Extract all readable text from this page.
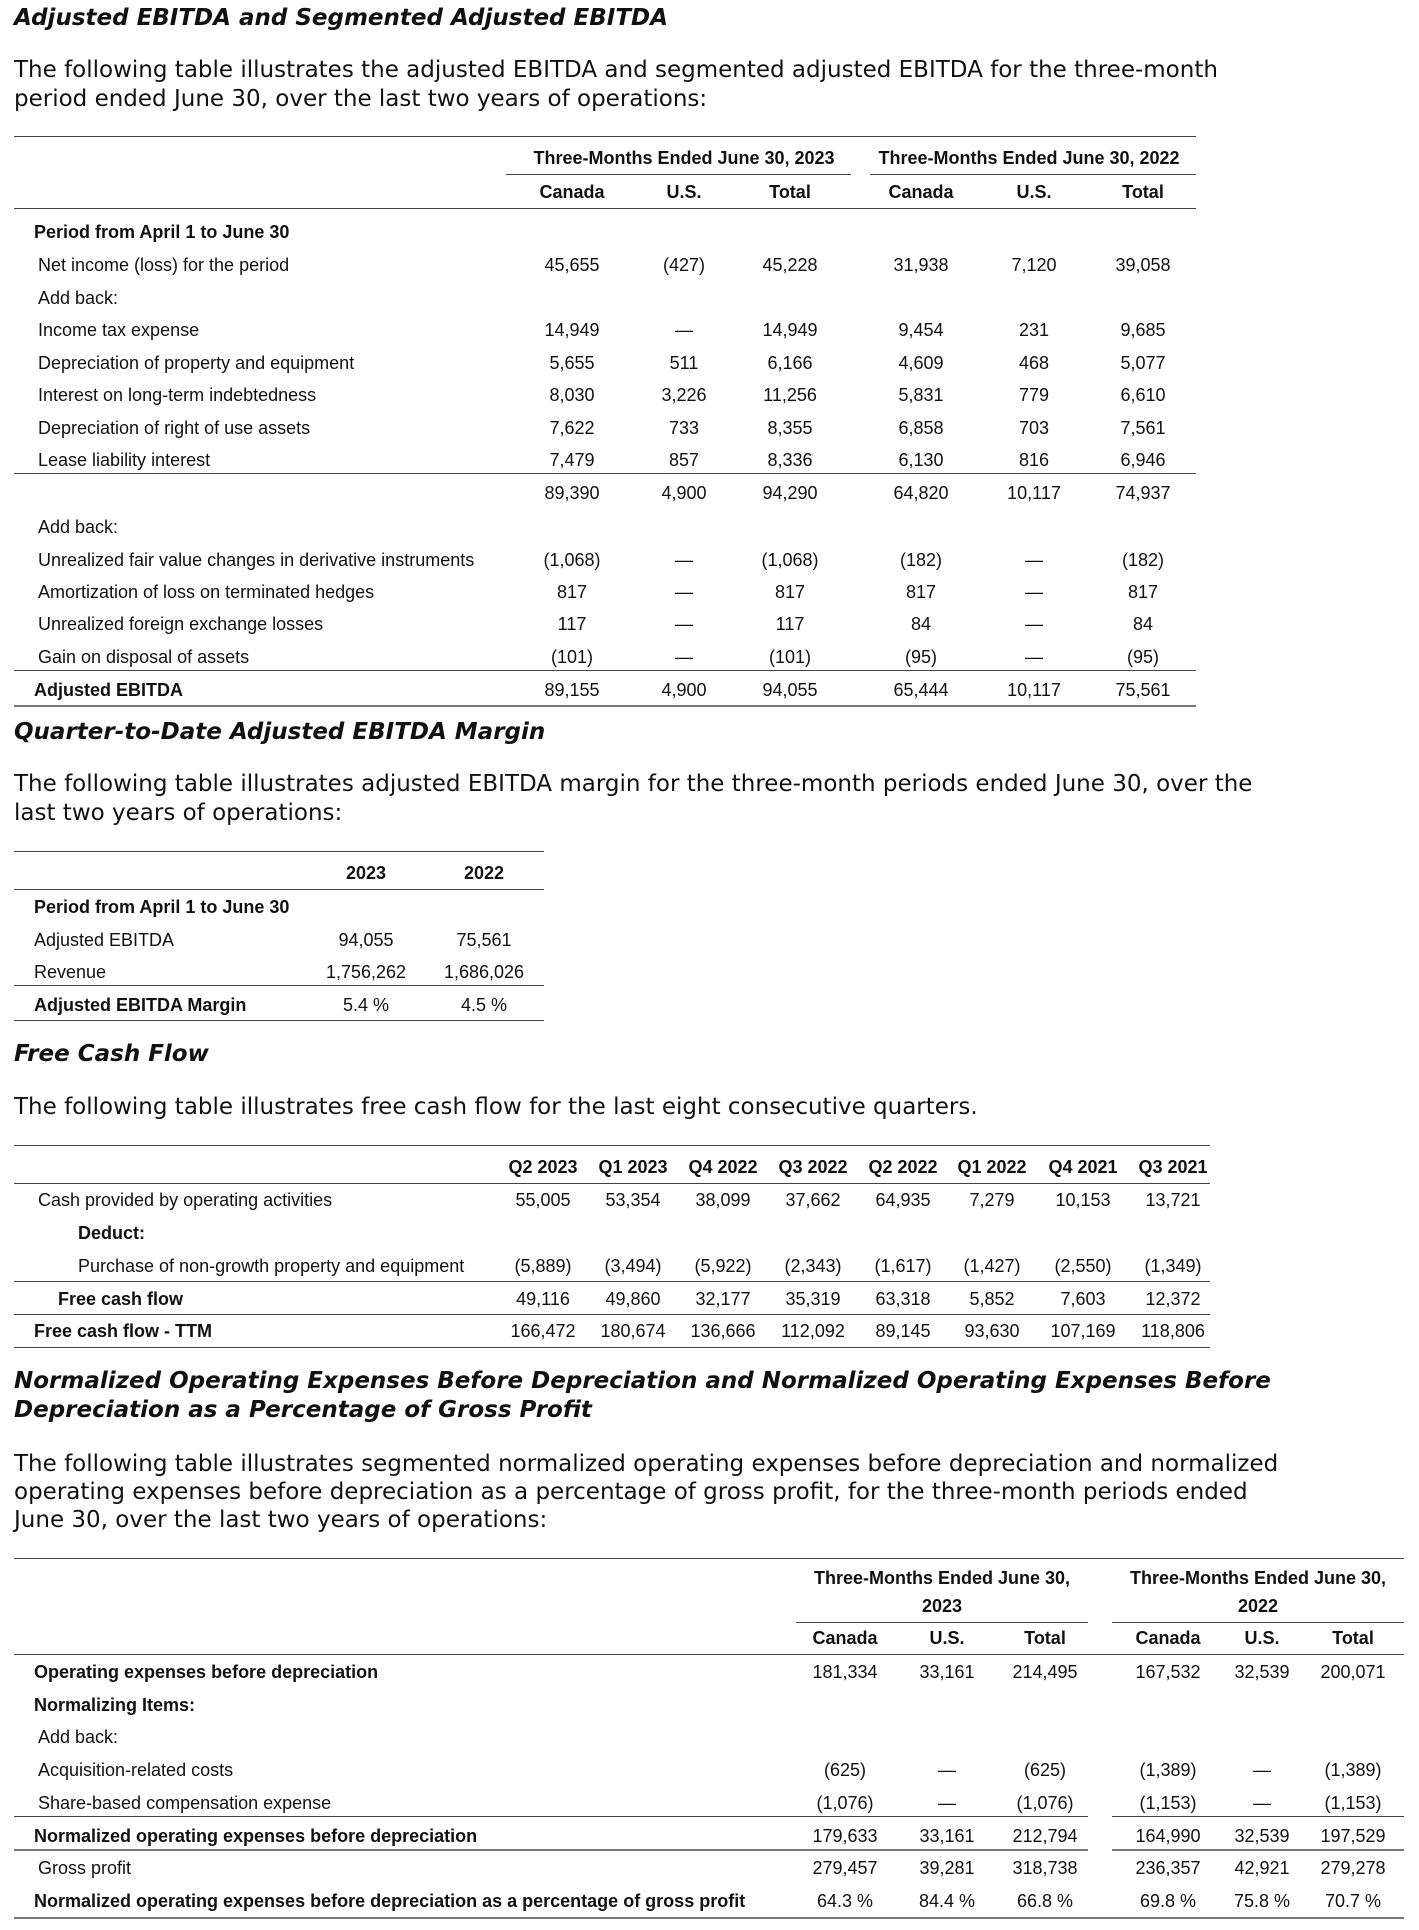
Adjusted EBITDA and Segmented Adjusted EBITDA
The following table illustrates the adjusted EBITDA and segmented adjusted EBITDA for the three-month
period ended June 30, over the last two years of operations:
Three-Months Ended June 30, 2023	Three-Months Ended June 30, 2022
Canada	U.S.	Total	Canada	U.S.	Total
Period from April 1 to June 30
Net income (loss) for the period	45,655	(427)	45,228	31,938	7,120	39,058
Add back:
Income tax expense	14,949	—	14,949	9,454	231	9,685
Depreciation of property and equipment	5,655	511	6,166	4,609	468	5,077
Interest on long-term indebtedness	8,030	3,226	11,256	5,831	779	6,610
Depreciation of right of use assets	7,622	733	8,355	6,858	703	7,561
Lease liability interest	7,479	857	8,336	6,130	816	6,946
89,390	4,900	94,290	64,820	10,117	74,937
Add back:
Unrealized fair value changes in derivative instruments	(1,068)	—	(1,068)	(182)	—	(182)
Amortization of loss on terminated hedges	817	—	817	817	—	817
Unrealized foreign exchange losses	117	—	117	84	—	84
Gain on disposal of assets	(101)	—	(101)	(95)	—	(95)
Adjusted EBITDA	89,155	4,900	94,055	65,444	10,117	75,561
Quarter-to-Date Adjusted EBITDA Margin
The following table illustrates adjusted EBITDA margin for the three-month periods ended June 30, over the
last two years of operations:
2023	2022
Period from April 1 to June 30
Adjusted EBITDA	94,055	75,561
Revenue	1,756,262	1,686,026
Adjusted EBITDA Margin	5.4 %	4.5 %
Free Cash Flow
The following table illustrates free cash flow for the last eight consecutive quarters.
Q2 2023	Q1 2023	Q4 2022	Q3 2022	Q2 2022	Q1 2022	Q4 2021	Q3 2021
Cash provided by operating activities	55,005	53,354	38,099	37,662	64,935	7,279	10,153	13,721
Deduct:
Purchase of non-growth property and equipment	(5,889)	(3,494)	(5,922)	(2,343)	(1,617)	(1,427)	(2,550)	(1,349)
Free cash flow	49,116	49,860	32,177	35,319	63,318	5,852	7,603	12,372
Free cash flow - TTM	166,472	180,674	136,666	112,092	89,145	93,630	107,169	118,806
Normalized Operating Expenses Before Depreciation and Normalized Operating Expenses Before
Depreciation as a Percentage of Gross Profit
The following table illustrates segmented normalized operating expenses before depreciation and normalized
operating expenses before depreciation as a percentage of gross profit, for the three-month periods ended
June 30, over the last two years of operations:
Three-Months Ended June 30,
2023
Three-Months Ended June 30,
2022
Canada	U.S.	Total	Canada	U.S.	Total
Operating expenses before depreciation	181,334	33,161	214,495	167,532	32,539	200,071
Normalizing Items:
Add back:
Acquisition-related costs	(625)	—	(625)	(1,389)	—	(1,389)
Share-based compensation expense	(1,076)	—	(1,076)	(1,153)	—	(1,153)
Normalized operating expenses before depreciation	179,633	33,161	212,794	164,990	32,539	197,529
Gross profit	279,457	39,281	318,738	236,357	42,921	279,278
Normalized operating expenses before depreciation as a percentage of gross profit	64.3 %	84.4 %	66.8 %	69.8 %	75.8 %	70.7 %
